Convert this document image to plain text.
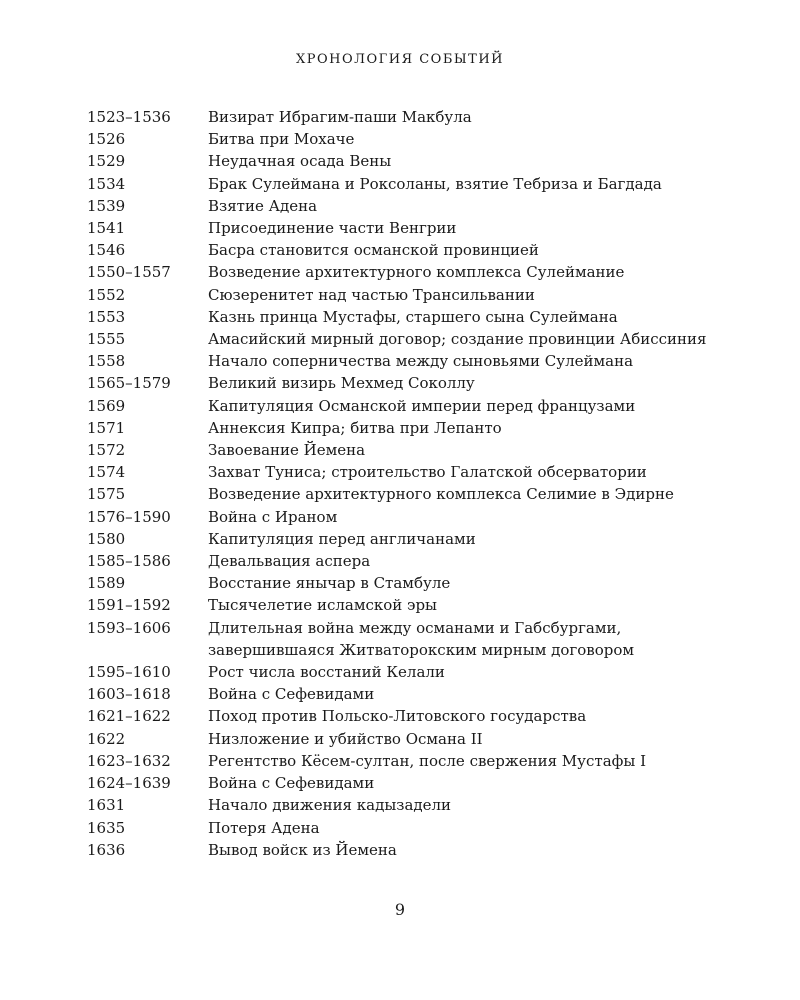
ХРОНОЛОГИЯ СОБЫТИЙ
1523–1536	Визират Ибрагим-паши Макбула
1526	Битва при Мохаче
1529	Неудачная осада Вены
1534	Брак Сулеймана и Роксоланы, взятие Тебриза и Багдада
1539	Взятие Адена
1541	Присоединение части Венгрии
1546	Басра становится османской провинцией
1550–1557	Возведение архитектурного комплекса Сулеймание
1552	Сюзеренитет над частью Трансильвании
1553	Казнь принца Мустафы, старшего сына Сулеймана
1555	Амасийский мирный договор; создание провинции Абиссиния
1558	Начало соперничества между сыновьями Сулеймана
1565–1579	Великий визирь Мехмед Соколлу
1569	Капитуляция Османской империи перед французами
1571	Аннексия Кипра; битва при Лепанто
1572	Завоевание Йемена
1574	Захват Туниса; строительство Галатской обсерватории
1575	Возведение архитектурного комплекса Селимие в Эдирне
1576–1590	Война с Ираном
1580	Капитуляция перед англичанами
1585–1586	Девальвация аспера
1589	Восстание янычар в Стамбуле
1591–1592	Тысячелетие исламской эры
1593–1606	Длительная война между османами и Габсбургами, завершившаяся Житваторокским мирным договором
1595–1610	Рост числа восстаний Келали
1603–1618	Война с Сефевидами
1621–1622	Поход против Польско-Литовского государства
1622	Низложение и убийство Османа II
1623–1632	Регентство Кёсем-султан, после свержения Мустафы I
1624–1639	Война с Сефевидами
1631	Начало движения кадызадели
1635	Потеря Адена
1636	Вывод войск из Йемена
9
